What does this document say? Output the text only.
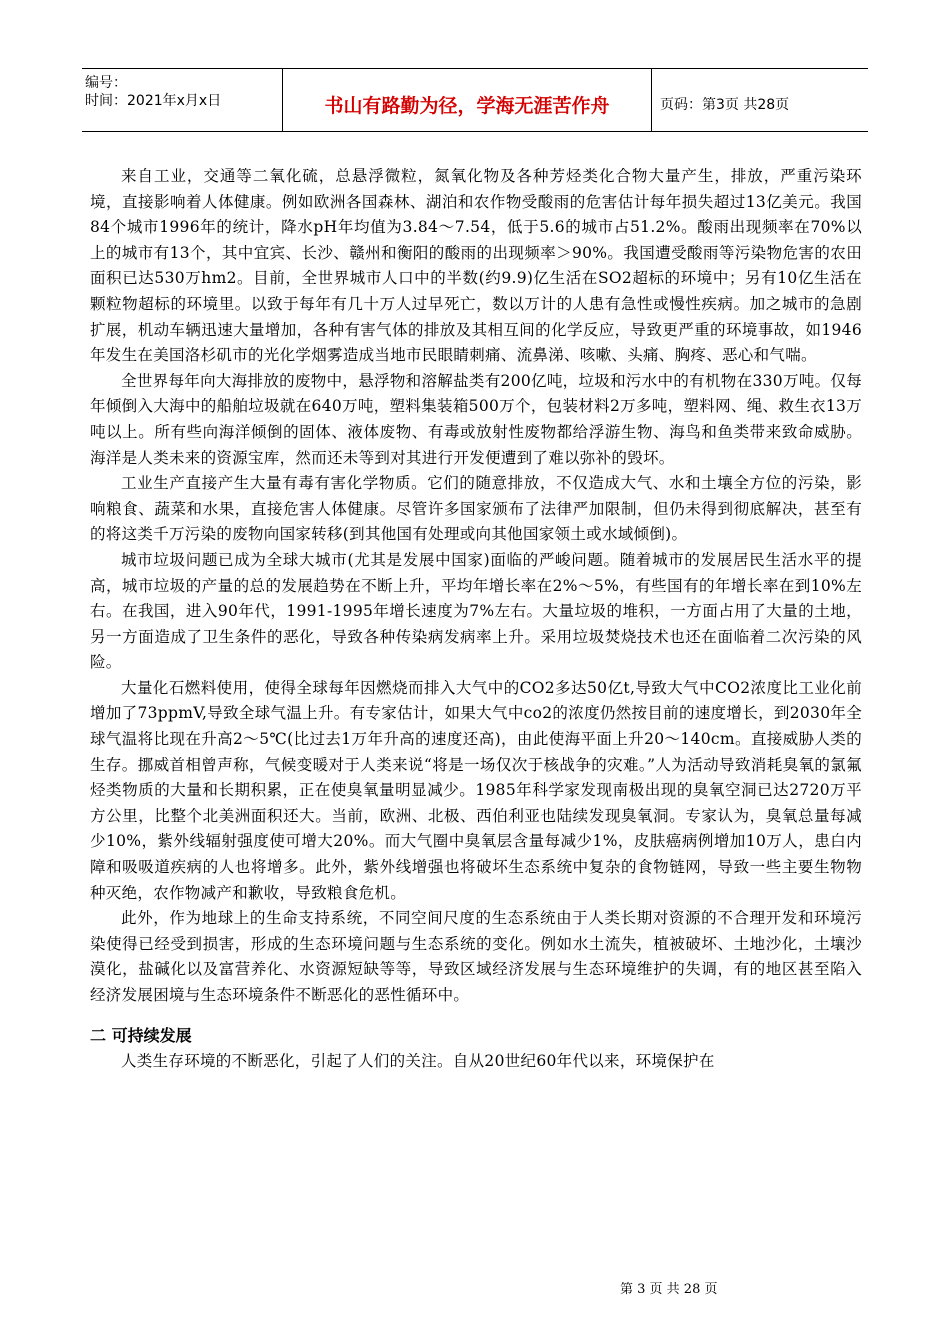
编号：
时间：2021年x月x日	书山有路勤为径，学海无涯苦作舟	页码：第3页 共28页

来自工业，交通等二氧化硫，总悬浮微粒，氮氧化物及各种芳烃类化合物大量产生，排放，严重污染环境，直接影响着人体健康。例如欧洲各国森林、湖泊和农作物受酸雨的危害估计每年损失超过13亿美元。我国84个城市1996年的统计，降水pH年均值为3.84～7.54，低于5.6的城市占51.2%。酸雨出现频率在70%以上的城市有13个，其中宜宾、长沙、赣州和衡阳的酸雨的出现频率＞90%。我国遭受酸雨等污染物危害的农田面积已达530万hm2。目前，全世界城市人口中的半数(约9.9)亿生活在SO2超标的环境中；另有10亿生活在颗粒物超标的环境里。以致于每年有几十万人过早死亡，数以万计的人患有急性或慢性疾病。加之城市的急剧扩展，机动车辆迅速大量增加，各种有害气体的排放及其相互间的化学反应，导致更严重的环境事故，如1946年发生在美国洛杉矶市的光化学烟雾造成当地市民眼睛刺痛、流鼻涕、咳嗽、头痛、胸疼、恶心和气喘。

全世界每年向大海排放的废物中，悬浮物和溶解盐类有200亿吨，垃圾和污水中的有机物在330万吨。仅每年倾倒入大海中的船舶垃圾就在640万吨，塑料集装箱500万个，包装材料2万多吨，塑料网、绳、救生衣13万吨以上。所有些向海洋倾倒的固体、液体废物、有毒或放射性废物都给浮游生物、海鸟和鱼类带来致命威胁。海洋是人类未来的资源宝库，然而还未等到对其进行开发便遭到了难以弥补的毁坏。

工业生产直接产生大量有毒有害化学物质。它们的随意排放，不仅造成大气、水和土壤全方位的污染，影响粮食、蔬菜和水果，直接危害人体健康。尽管许多国家颁布了法律严加限制，但仍未得到彻底解决，甚至有的将这类千万污染的废物向国家转移(到其他国有处理或向其他国家领土或水域倾倒)。

城市垃圾问题已成为全球大城市(尤其是发展中国家)面临的严峻问题。随着城市的发展居民生活水平的提高，城市垃圾的产量的总的发展趋势在不断上升，平均年增长率在2%～5%，有些国有的年增长率在到10%左右。在我国，进入90年代，1991-1995年增长速度为7%左右。大量垃圾的堆积，一方面占用了大量的土地，另一方面造成了卫生条件的恶化，导致各种传染病发病率上升。采用垃圾焚烧技术也还在面临着二次污染的风险。

大量化石燃料使用，使得全球每年因燃烧而排入大气中的CO2多达50亿t,导致大气中CO2浓度比工业化前增加了73ppmV,导致全球气温上升。有专家估计，如果大气中co2的浓度仍然按目前的速度增长，到2030年全球气温将比现在升高2～5℃(比过去1万年升高的速度还高)，由此使海平面上升20～140cm。直接威胁人类的生存。挪威首相曾声称，气候变暖对于人类来说“将是一场仅次于核战争的灾难。”人为活动导致消耗臭氧的氯氟烃类物质的大量和长期积累，正在使臭氧量明显减少。1985年科学家发现南极出现的臭氧空洞已达2720万平方公里，比整个北美洲面积还大。当前，欧洲、北极、西伯利亚也陆续发现臭氧洞。专家认为，臭氧总量每减少10%，紫外线辐射强度使可增大20%。而大气圈中臭氧层含量每减少1%，皮肤癌病例增加10万人，患白内障和吸吸道疾病的人也将增多。此外，紫外线增强也将破坏生态系统中复杂的食物链网，导致一些主要生物物种灭绝，农作物减产和歉收，导致粮食危机。

此外，作为地球上的生命支持系统，不同空间尺度的生态系统由于人类长期对资源的不合理开发和环境污染使得已经受到损害，形成的生态环境问题与生态系统的变化。例如水土流失，植被破坏、土地沙化，土壤沙漠化，盐碱化以及富营养化、水资源短缺等等，导致区域经济发展与生态环境维护的失调，有的地区甚至陷入经济发展困境与生态环境条件不断恶化的恶性循环中。

二 可持续发展

人类生存环境的不断恶化，引起了人们的关注。自从20世纪60年代以来，环境保护在

第 3 页 共 28 页
